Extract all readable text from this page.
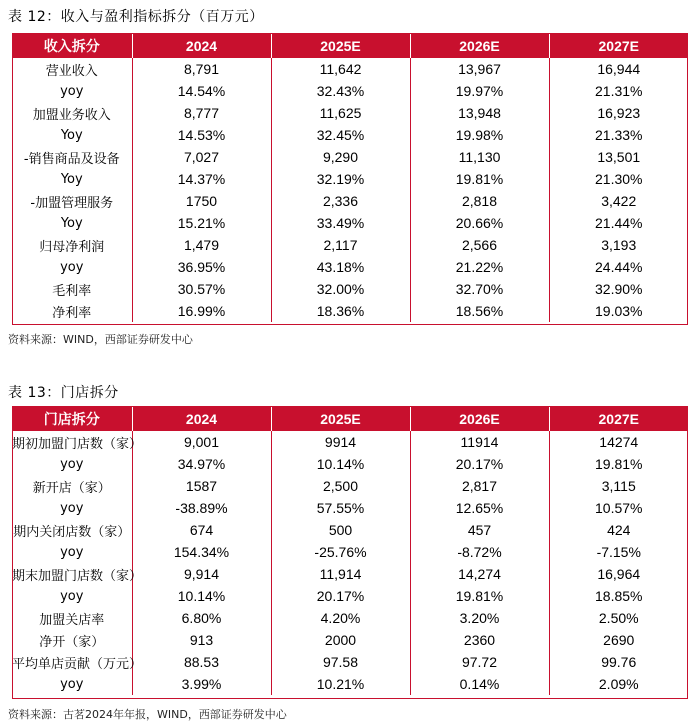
表 12：收入与盈利指标拆分（百万元）
收入拆分	2024	2025E	2026E	2027E
营业收入	8,791	11,642	13,967	16,944
yoy	14.54%	32.43%	19.97%	21.31%
加盟业务收入	8,777	11,625	13,948	16,923
Yoy	14.53%	32.45%	19.98%	21.33%
-销售商品及设备	7,027	9,290	11,130	13,501
Yoy	14.37%	32.19%	19.81%	21.30%
-加盟管理服务	1750	2,336	2,818	3,422
Yoy	15.21%	33.49%	20.66%	21.44%
归母净利润	1,479	2,117	2,566	3,193
yoy	36.95%	43.18%	21.22%	24.44%
毛利率	30.57%	32.00%	32.70%	32.90%
净利率	16.99%	18.36%	18.56%	19.03%
资料来源：WIND，西部证券研发中心
表 13：门店拆分
门店拆分	2024	2025E	2026E	2027E
期初加盟门店数（家）	9,001	9914	11914	14274
yoy	34.97%	10.14%	20.17%	19.81%
新开店（家）	1587	2,500	2,817	3,115
yoy	-38.89%	57.55%	12.65%	10.57%
期内关闭店数（家）	674	500	457	424
yoy	154.34%	-25.76%	-8.72%	-7.15%
期末加盟门店数（家）	9,914	11,914	14,274	16,964
yoy	10.14%	20.17%	19.81%	18.85%
加盟关店率	6.80%	4.20%	3.20%	2.50%
净开（家）	913	2000	2360	2690
平均单店贡献（万元）	88.53	97.58	97.72	99.76
yoy	3.99%	10.21%	0.14%	2.09%
资料来源：古茗2024年年报，WIND，西部证券研发中心
